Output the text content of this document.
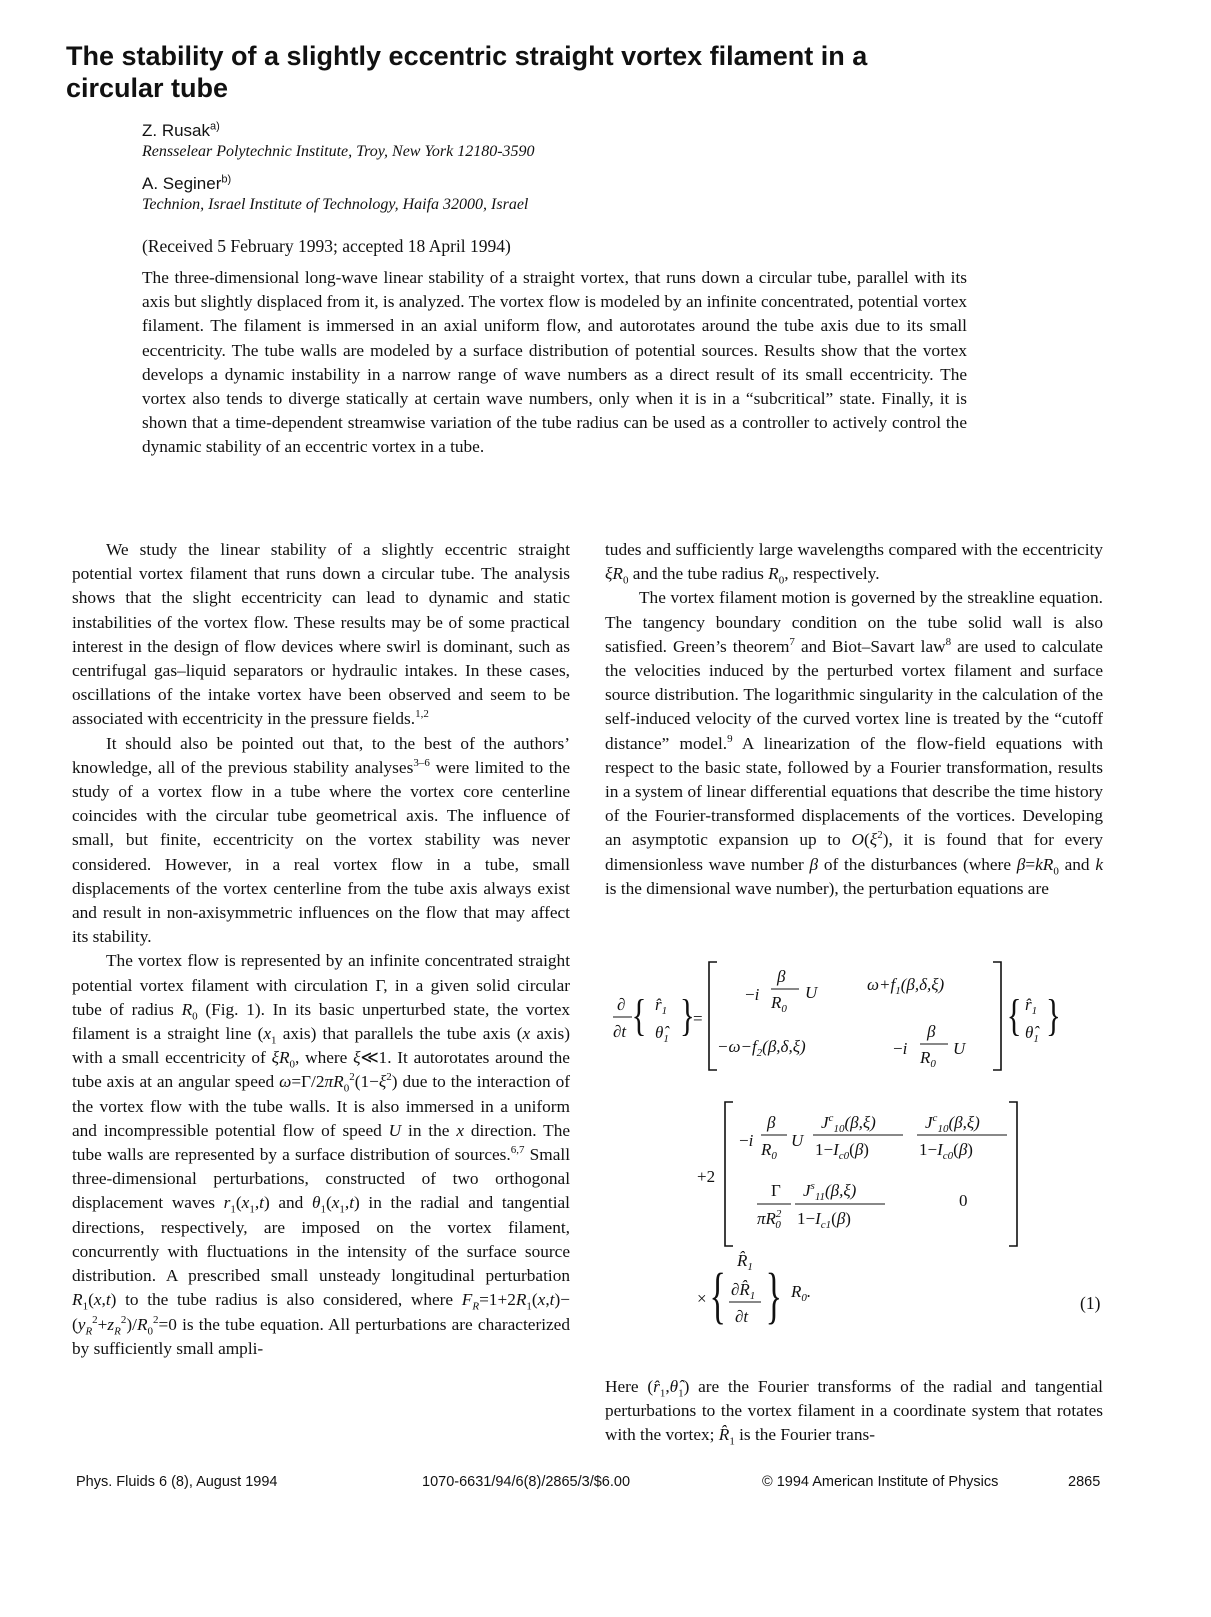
The stability of a slightly eccentric straight vortex filament in a circular tube
Z. Rusak$^{a)}$
Rensselear Polytechnic Institute, Troy, New York 12180-3590
A. Seginer$^{b)}$
Technion, Israel Institute of Technology, Haifa 32000, Israel
(Received 5 February 1993; accepted 18 April 1994)

The three-dimensional long-wave linear stability of a straight vortex, that runs down a circular tube, parallel with its axis but slightly displaced from it, is analyzed. The vortex flow is modeled by an infinite concentrated, potential vortex filament. The filament is immersed in an axial uniform flow, and autorotates around the tube axis due to its small eccentricity. The tube walls are modeled by a surface distribution of potential sources. Results show that the vortex develops a dynamic instability in a narrow range of wave numbers as a direct result of its small eccentricity. The vortex also tends to diverge statically at certain wave numbers, only when it is in a “subcritical” state. Finally, it is shown that a time-dependent streamwise variation of the tube radius can be used as a controller to actively control the dynamic stability of an eccentric vortex in a tube.

We study the linear stability of a slightly eccentric straight potential vortex filament that runs down a circular tube. The analysis shows that the slight eccentricity can lead to dynamic and static instabilities of the vortex flow. These results may be of some practical interest in the design of flow devices where swirl is dominant, such as centrifugal gas–liquid separators or hydraulic intakes. In these cases, oscillations of the intake vortex have been observed and seem to be associated with eccentricity in the pressure fields.$^{1,2}$

It should also be pointed out that, to the best of the authors’ knowledge, all of the previous stability analyses$^{3-6}$ were limited to the study of a vortex flow in a tube where the vortex core centerline coincides with the circular tube geometrical axis. The influence of small, but finite, eccentricity on the vortex stability was never considered. However, in a real vortex flow in a tube, small displacements of the vortex centerline from the tube axis always exist and result in non-axisymmetric influences on the flow that may affect its stability.

The vortex flow is represented by an infinite concentrated straight potential vortex filament with circulation Γ, in a given solid circular tube of radius $R_0$ (Fig. 1). In its basic unperturbed state, the vortex filament is a straight line ($x_1$ axis) that parallels the tube axis (x axis) with a small eccentricity of $\xi R_0$, where ξ≪1. It autorotates around the tube axis at an angular speed $\omega=\Gamma/2\pi R_0^2(1-\xi^2)$ due to the interaction of the vortex flow with the tube walls. It is also immersed in a uniform and incompressible potential flow of speed U in the x direction. The tube walls are represented by a surface distribution of sources.$^{6,7}$ Small three-dimensional perturbations, constructed of two orthogonal displacement waves $r_1(x_1,t)$ and $\theta_1(x_1,t)$ in the radial and tangential directions, respectively, are imposed on the vortex filament, concurrently with fluctuations in the intensity of the surface source distribution. A prescribed small unsteady longitudinal perturbation $R_1(x,t)$ to the tube radius is also considered, where $F_R=1+2R_1(x,t)-(y_R^2+z_R^2)/R_0^2=0$ is the tube equation. All perturbations are characterized by sufficiently small ampli-

tudes and sufficiently large wavelengths compared with the eccentricity $\xi R_0$ and the tube radius $R_0$, respectively.

The vortex filament motion is governed by the streakline equation. The tangency boundary condition on the tube solid wall is also satisfied. Green’s theorem$^7$ and Biot–Savart law$^8$ are used to calculate the velocities induced by the perturbed vortex filament and surface source distribution. The logarithmic singularity in the calculation of the self-induced velocity of the curved vortex line is treated by the “cutoff distance” model.$^9$ A linearization of the flow-field equations with respect to the basic state, followed by a Fourier transformation, results in a system of linear differential equations that describe the time history of the Fourier-transformed displacements of the vortices. Developing an asymptotic expansion up to $O(\xi^2)$, it is found that for every dimensionless wave number β of the disturbances (where $\beta=kR_0$ and k is the dimensional wave number), the perturbation equations are

∂
∂t { $r̂_1$
$\thetâ_1$ }
=
−i
β
$R_0$
U	$\omega+f_1(\beta,\delta,\xi)$
$-\omega-f_2(\beta,\delta,\xi)$	−i
β
$R_0$
U
{ $r̂_1$
$\thetâ_1$ }
+2
−i
β
$R_0$
U
$J^c_{10}(\beta,\xi)$
$1-I_{c0}(\beta)$
$J^c_{10}(\beta,\xi)$
$1-I_{c0}(\beta)$
Γ
$\pi R^2$ 0
$J^s_{11}(\beta,\xi)$
$1-I_{c1}(\beta)$
0
× { $R̂_1$
$\partial R̂_1$
∂t } $R_0$.
(1)

Here $(r̂_1,\thetâ_1)$ are the Fourier transforms of the radial and tangential perturbations to the vortex filament in a coordinate system that rotates with the vortex; $R̂_1$ is the Fourier trans-

Phys. Fluids 6 (8), August 1994	1070-6631/94/6(8)/2865/3/$6.00	© 1994 American Institute of Physics	2865
